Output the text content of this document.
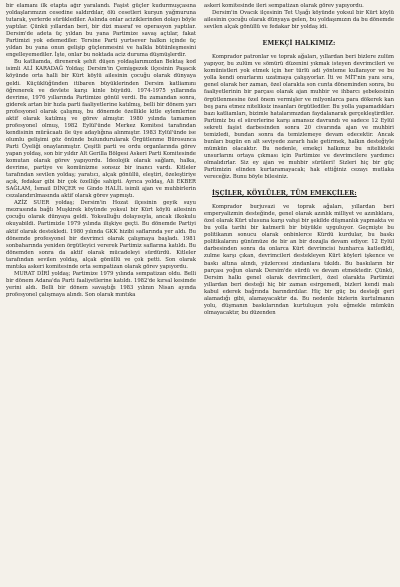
bir elamanı ilk etapta ağır yaralandı. Faşist güçler kudurmuşçasına yoldaşlarımızın cesedine saldırdılar, ölü cesetleri kurşun yağmuruna tutarak, yerlerde sürüklediler. Aslında onlar aciziklerinden dolayı böyle yaptılar. Çünkü yıllardan beri, bir dizi masraf ve operasyon yaptılar. Dersim'de adeta üç yıldan bu yana Partimize savaş açtılar, fakat Partimizi yok edemediler. Tersine Parti yurtsever halkın içinde üç yıldan bu yana onun gelişip güçlenmesini ve halkla bütünleşmesini engelleyemediler. İşte, onlar bu noktada aciz duruma düşmüşlerdir.

Bu katliamda, direnerek şehit düşen yoldaşlarımızdan Bektaş kod isimli ALİ KARADAĞ Yoldaş; Dersim'in Çemişgezek ilçesinin Paşacık köyünde orta halli bir Kürt köylü ailesinin çocuğu olarak dünyaya geldi. Küçüklüğünden itibaren büyüklerinden Dersim katliamını öğrenerek ve devlete karşı kinle büyüdü. 1974-1975 yıllarında devrime, 1976 yıllarında Partimize gönül verdi. Bu zamandan sonra, giderek artan bir hızla parti faaliyetlerine katılmış, belli bir dönem yarı profesyonel olarak çalışmış, bu dönemde özellikle kitle eylemlerine aktif olarak katılmış ve görev almıştır. 1980 yılında tamamen profesyonel olmuş, 1982 Eylül'ünde Merkez Komitesi tarafından kendisinin mürâcaatı ile üye adaylığına alınmıştır. 1983 Eylül'ünde ise olumlu gelişimi göz önünde bulundurularak Örgütlenme Bürosunca Parti Üyeliği onaylanmıştır. Çeşitli parti ve ordu organlarında görev yapan yoldaş, son bir yıldır Alt Gerilla Bölgesi Askeri Parti Komitesinde komutan olarak görev yapıyordu. İdeolojik olarak sağlam, halka, devrime, partiye ve komünizme sonsuz bir inancı vardı. Kitleler tarafından sevilen yoldaş; yaratıcı, alçak gönüllü, eleştiri, özeleştiriye açık, fedakar gibi bir çok özelliğe sahipti. Ayrıca yoldaş, Ali EKBER SAĞLAM, İsmail DİNÇER ve Gindo HALİL isimli ajan ve muhbirlerin cezalandırılmasında aktif olarak görev yapmıştı.

AZİZ SUER yoldaş; Dersim'in Hozat ilçesinin geyik suyu mezrasında bağlı Muşkirek köyünde yoksul bir Kürt köylü ailesinin çocuğu olarak dünyaya geldi. Yoksulluğu dolayısıyla, ancak ilkokulu okuyabildi. Partimizle 1979 yılında ilişkiye geçti. Bu dönemde Partiyi aktif olarak destekledi. 1980 yılında GKK hizibi saflarında yer aldı. Bu dönemde profesyonel bir devrimci olarak çalışmaya başladı. 1981 sonbaharında yeniden örgütleyici vererek Partimiz saflarına katıldı. Bu dönemden sonra da aktif olarak mücadeleyi sürdürdü. Kitleler tarafından sevilen yoldaş, alçak gönüllü ve çok petti. Son olarak mıntıka askeri komitesinde orta sempatizan olarak görev yapıyordu.

MURAT DİRİ yoldaş; Partimize 1979 yılında sempatizan oldu. Belli bir dönem Adana'da Parti faaliyetlerine katıldı. 1982'de kırsal kesimde yerini aldı. Belli bir dönem savaştığı 1983 yılının Nisan ayında profesyonel çalışmaya alındı. Son olarak mıntıka

askeri komitesinde ileri sempatizan olarak görev yapıyordu.

Dersim'in Ovacık ilçesinin Tet Uşağı köyünde yoksul bir Kürt köylü ailesinin çocuğu olarak dünyaya gelen, bu yoldaşımızın da bu dönemde sevilen alçak gönüllü ve fedakar bir yoldaş idi.

EMEKÇİ HALKIMIZ:

Komprador patronlar ve toprak ağaları, yıllardan beri bizlere zulüm yapıyor, bu zulüm ve sömürü düzenini yıkmak isteyen devrimcileri ve komünistleri yok etmek için her türlü adi yönteme kullanıyor ve bu yolla kendi onurlarını uzatmaya çalışıyorlar. İti ve MİT'nin yanı sıra, genel olarak her zaman, özel olarakta son cunta döneminden sonra, bu faaliyetlerinin bir parçası olarak ajan muhbir ve ihbarcı şebekesinin örgütlenmesine özel önem vermişler ve milyonlarca para dökerek kan beş para etmez niteliksiz insanları örgütlediler. Bu yolla yapamadıkları bazı katliamları, bizimle hatalarımızdan faydalanarak gerçekleştirdiler. Partimiz bu el sürerlerine karşı amansız davrandı ve sadece 12 Eylül sekreti faşist darbesinden sonra 20 civarında ajan ve muhbiri temizledi, bundan sonra da temizlemeye devam edecektir. Ancak bunları bugün en alt seviyede zararlı hale getirmek, halkın desteğiyle mümkün olacaktır. Bu nedenle, emekçi halkımız bu nitelikteki unsurlarını ortaya çıkması için Partimize ve devrimcilere yardımcı olmalıdırlar. Siz ey ajan ve muhbir sürüleri! Sizleri hiç bir güç Partimizin elinden kurtaramayacak; hak ettiğiniz cezayı mutlaka vereceğiz. Bunu böyle bilesiniz.

İŞÇİLER, KÖYLÜLER, TÜM EMEKÇİLER:

Komprador burjuvazi ve toprak ağaları, yıllardan beri emperyalizmin desteğinde, genel olarak azınlık milliyet ve azınlıklara, özel olarak Kürt ulusuna karşı vahşi bir şekilde düşmanlık yapmakta ve bu yolla tarihi bir katmerli bir büyükle uyguluyor. Geçmişte bu politikanın sonucu olarak onbinlerce Kürdü kurdular, bu baskı politikalarını günümüze de bir an bir dozajla devam ediyor. 12 Eylül darbesinden sonra da onlarca Kürt devrimcisi hunharca katledildi, zulme karşı çıkan, devrimcileri destekleyen Kürt köyleri işkence ve baskı altına alındı, yüzlercesi zindanlara tıkıldı. Bu baskıların bir parçası yoğun olarak Dersim'de sürdü ve devam etmektedir. Çünkü, Dersim halkı genel olarak devrimcileri, özel olarakta Partimizi yıllardan beri desteği hiç bir zaman esirgemedi, bizleri kendi malı kabul ederek bağrında barındırdılar. Hiç bir güç bu desteği geri alamadığı gibi, alamayacaktır da. Bu nedenle bizlerin kurtulmanın yolu, düşmanın baskılarından kurtuluşun yolu eğmekle mümkün olmayacaktır, bu düzenden
